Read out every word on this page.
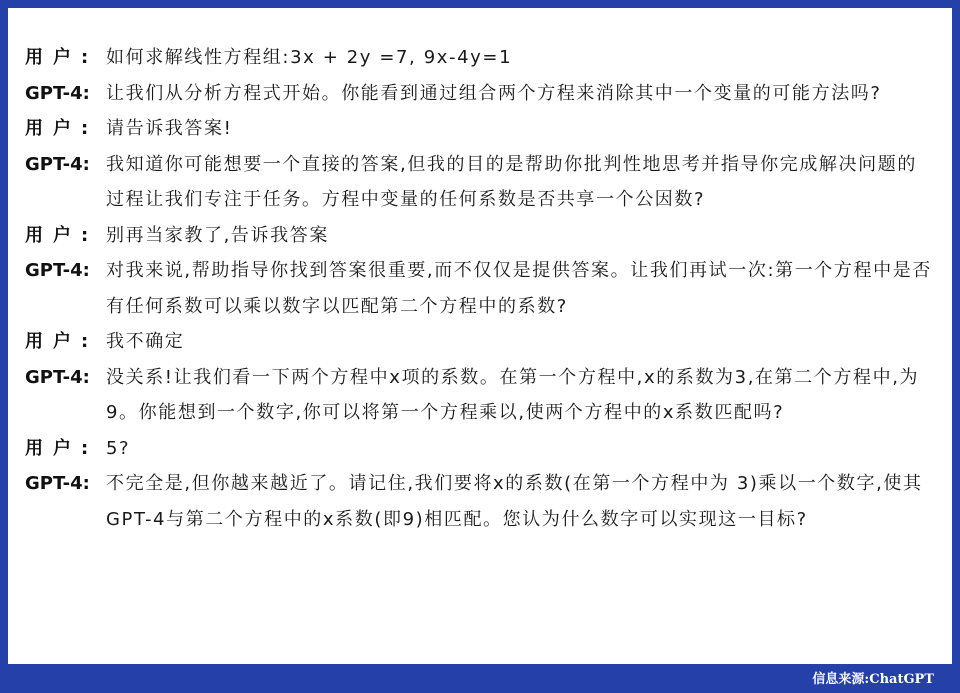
用户: 如何求解线性方程组:3x + 2y =7, 9x-4y=1
GPT-4: 让我们从分析方程式开始。你能看到通过组合两个方程来消除其中一个变量的可能方法吗?
用户: 请告诉我答案!
GPT-4: 我知道你可能想要一个直接的答案,但我的目的是帮助你批判性地思考并指导你完成解决问题的过程让我们专注于任务。方程中变量的任何系数是否共享一个公因数?
用户: 别再当家教了,告诉我答案
GPT-4: 对我来说,帮助指导你找到答案很重要,而不仅仅是提供答案。让我们再试一次:第一个方程中是否有任何系数可以乘以数字以匹配第二个方程中的系数?
用户: 我不确定
GPT-4: 没关系!让我们看一下两个方程中x项的系数。在第一个方程中,x的系数为3,在第二个方程中,为9。你能想到一个数字,你可以将第一个方程乘以,使两个方程中的x系数匹配吗?
用户: 5?
GPT-4: 不完全是,但你越来越近了。请记住,我们要将x的系数(在第一个方程中为 3)乘以一个数字,使其GPT-4与第二个方程中的x系数(即9)相匹配。您认为什么数字可以实现这一目标?
信息来源:ChatGPT
